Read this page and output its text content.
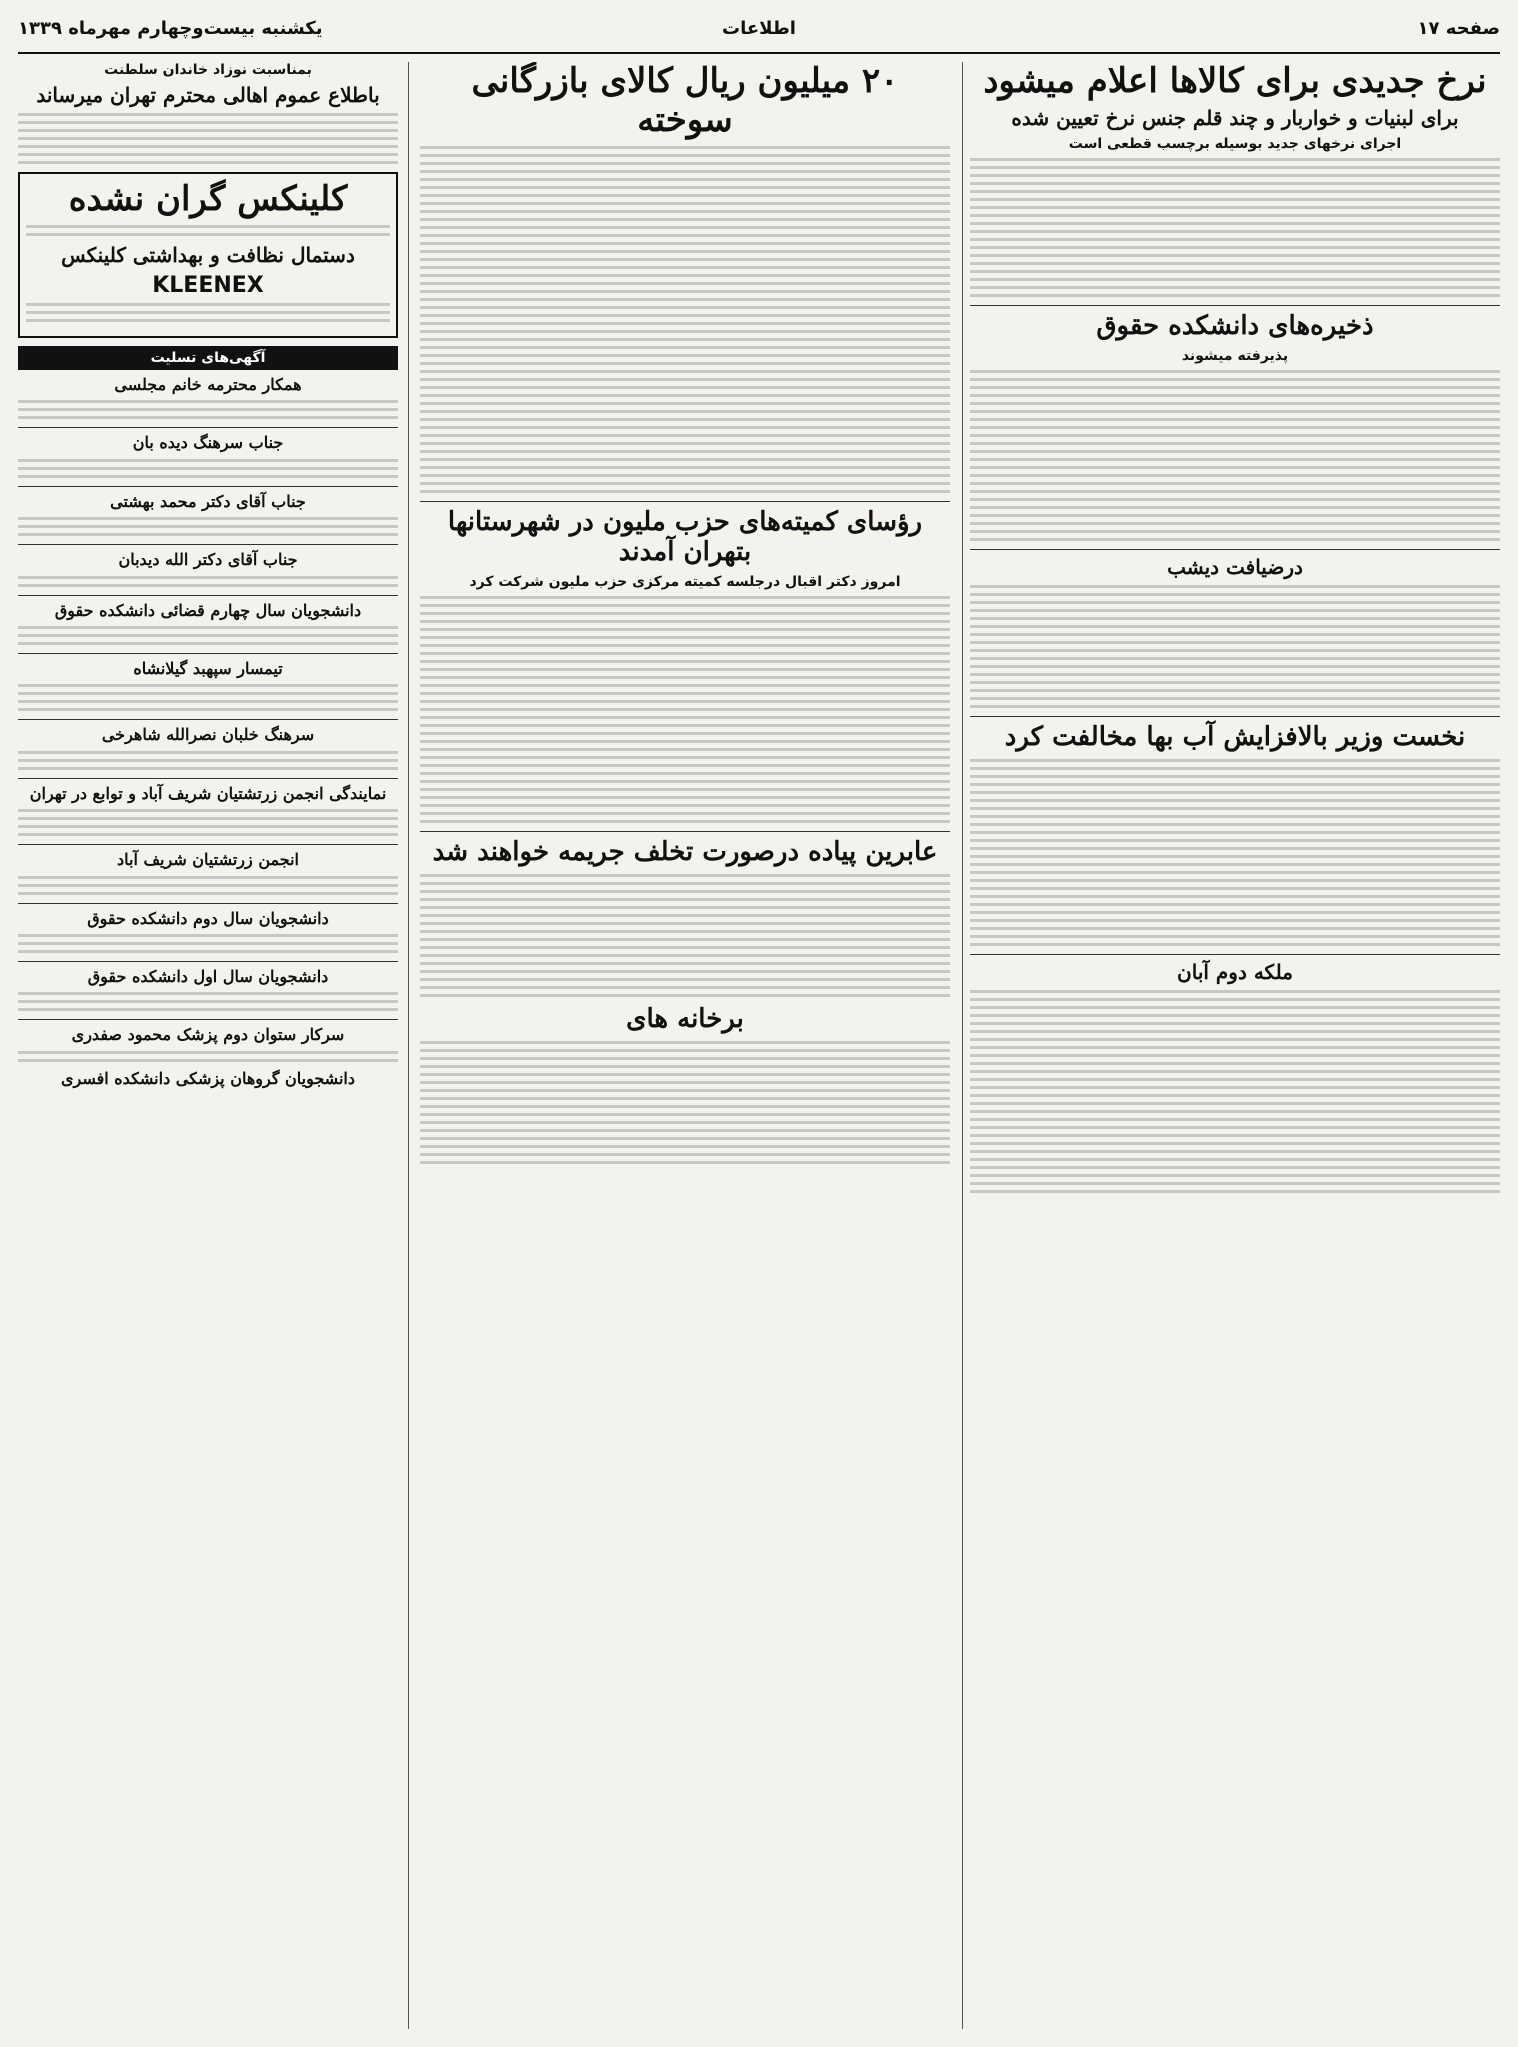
صفحه ۱۷
اطلاعات
یکشنبه بیست‌وچهارم مهرماه ۱۳۳۹
نرخ جدیدی برای کالاها اعلام میشود
برای لبنیات و خواربار و چند قلم جنس نرخ تعیین شده
اجرای نرخهای جدید بوسیله برچسب قطعی است
ذخیره‌های دانشکده حقوق
پذیرفته میشوند
درضیافت دیشب
نخست وزیر بالافزایش آب بها مخالفت کرد
ملکه دوم آبان
۲۰ میلیون ریال کالای بازرگانی سوخته
رؤسای کمیته‌های حزب ملیون در شهرستانها بتهران آمدند
امروز دکتر اقبال درجلسه کمیته مرکزی حزب ملیون شرکت کرد
عابرین پیاده درصورت تخلف جریمه خواهند شد
برخانه های
بمناسبت نوزاد خاندان سلطنت
باطلاع عموم اهالی محترم تهران میرساند
کلینکس گران نشده
دستمال نظافت و بهداشتی کلینکس
KLEENEX
آگهی‌های تسلیت
همکار محترمه خانم مجلسی
جناب سرهنگ دیده بان
جناب آقای دکتر محمد بهشتی
جناب آقای دکتر الله دیدبان
دانشجویان سال چهارم قضائی دانشکده حقوق
تیمسار سپهبد گیلانشاه
سرهنگ خلبان نصرالله شاهرخی
نمایندگی انجمن زرتشتیان شریف آباد و توابع در تهران
انجمن زرتشتیان شریف آباد
دانشجویان سال دوم دانشکده حقوق
دانشجویان سال اول دانشکده حقوق
سرکار ستوان دوم پزشک محمود صفدری
دانشجویان گروهان پزشکی دانشکده افسری
